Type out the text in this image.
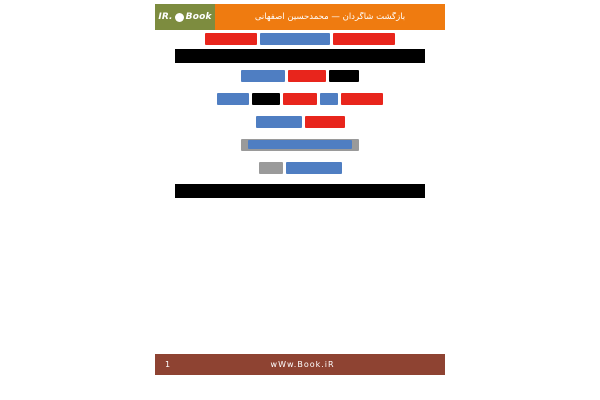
Book
.IR	بازگشت شاگردان — محمدحسین اصفهانی
1	wWw.Book.iR
